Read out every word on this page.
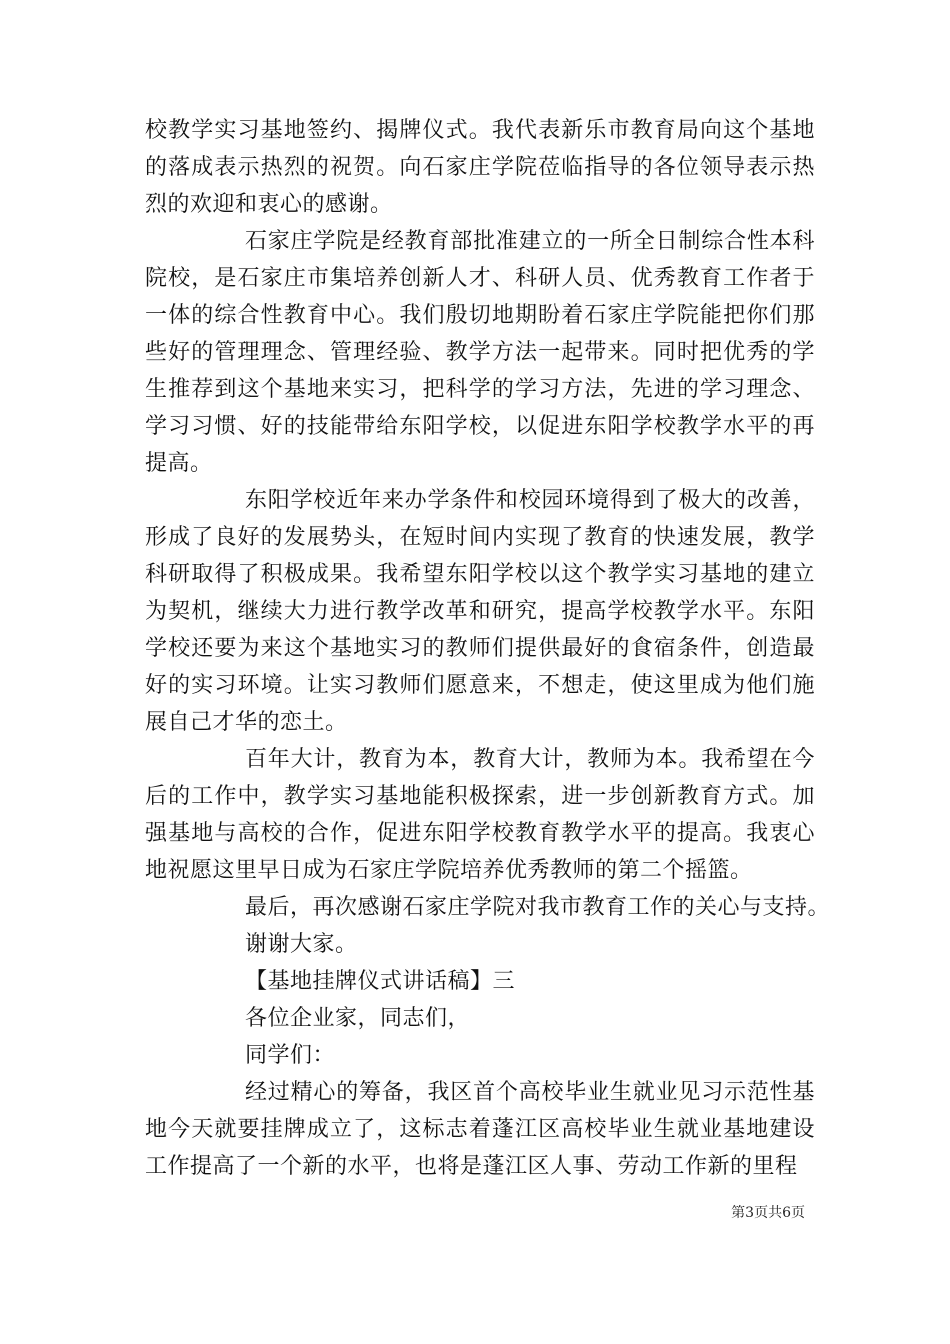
校教学实习基地签约、揭牌仪式。我代表新乐市教育局向这个基地的落成表示热烈的祝贺。向石家庄学院莅临指导的各位领导表示热烈的欢迎和衷心的感谢。

石家庄学院是经教育部批准建立的一所全日制综合性本科院校，是石家庄市集培养创新人才、科研人员、优秀教育工作者于一体的综合性教育中心。我们殷切地期盼着石家庄学院能把你们那些好的管理理念、管理经验、教学方法一起带来。同时把优秀的学生推荐到这个基地来实习，把科学的学习方法，先进的学习理念、学习习惯、好的技能带给东阳学校，以促进东阳学校教学水平的再提高。

东阳学校近年来办学条件和校园环境得到了极大的改善，形成了良好的发展势头，在短时间内实现了教育的快速发展，教学科研取得了积极成果。我希望东阳学校以这个教学实习基地的建立为契机，继续大力进行教学改革和研究，提高学校教学水平。东阳学校还要为来这个基地实习的教师们提供最好的食宿条件，创造最好的实习环境。让实习教师们愿意来，不想走，使这里成为他们施展自己才华的恋土。

百年大计，教育为本，教育大计，教师为本。我希望在今后的工作中，教学实习基地能积极探索，进一步创新教育方式。加强基地与高校的合作，促进东阳学校教育教学水平的提高。我衷心地祝愿这里早日成为石家庄学院培养优秀教师的第二个摇篮。

最后，再次感谢石家庄学院对我市教育工作的关心与支持。

谢谢大家。

【基地挂牌仪式讲话稿】三

各位企业家，同志们，

同学们：

经过精心的筹备，我区首个高校毕业生就业见习示范性基地今天就要挂牌成立了，这标志着蓬江区高校毕业生就业基地建设工作提高了一个新的水平，也将是蓬江区人事、劳动工作新的里程

第3页共6页
